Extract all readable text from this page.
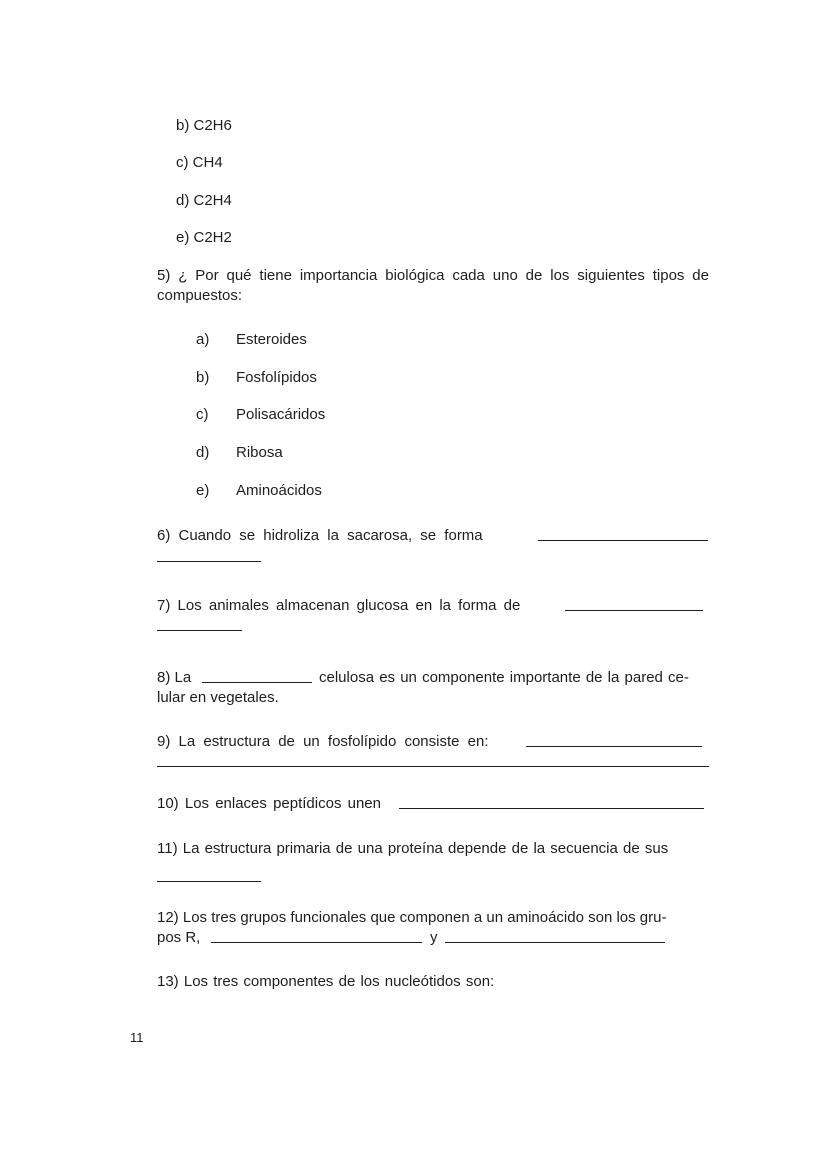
b) C2H6
c) CH4
d) C2H4
e) C2H2
5) ¿ Por qué tiene importancia biológica cada uno de los siguientes tipos de compuestos:
a) Esteroides
b) Fosfolípidos
c) Polisacáridos
d) Ribosa
e) Aminoácidos
6) Cuando se hidroliza la sacarosa, se forma
7) Los animales almacenan glucosa en la forma de
8) La	celulosa es un componente importante de la pared ce-
lular en vegetales.
9) La estructura de un fosfolípido consiste en:
10) Los enlaces peptídicos unen
11) La estructura primaria de una proteína depende de la secuencia de sus
12) Los tres grupos funcionales que componen a un aminoácido son los gru-
pos R,	y
13) Los tres componentes de los nucleótidos son:
11
